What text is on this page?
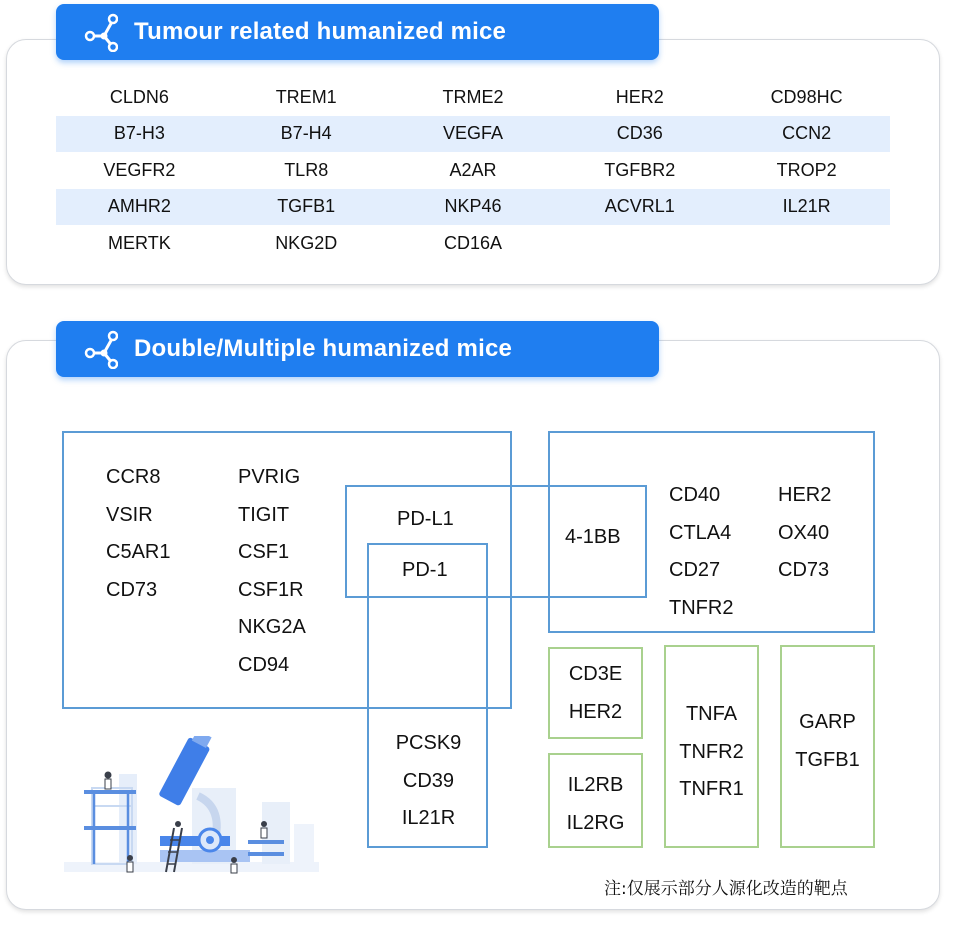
Tumour related humanized mice
CLDN6	TREM1	TRME2	HER2	CD98HC
B7-H3	B7-H4	VEGFA	CD36	CCN2
VEGFR2	TLR8	A2AR	TGFBR2	TROP2
AMHR2	TGFB1	NKP46	ACVRL1	IL21R
MERTK	NKG2D	CD16A
Double/Multiple humanized mice
CCR8
VSIR
C5AR1
CD73
PVRIG
TIGIT
CSF1
CSF1R
NKG2A
CD94
PD-L1
PD-1
PCSK9
CD39
IL21R
4-1BB
CD40
CTLA4
CD27
TNFR2
HER2
OX40
CD73
CD3E
HER2
IL2RB
IL2RG
TNFA
TNFR2
TNFR1
GARP
TGFB1
注:仅展示部分人源化改造的靶点
